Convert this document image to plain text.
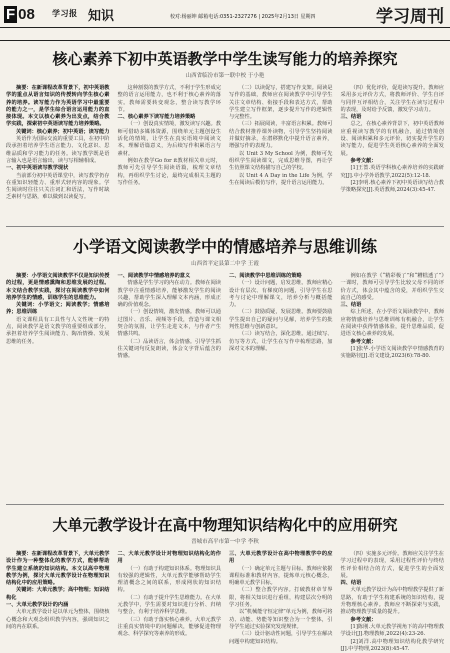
F 08 学习报 知识	校对:杨丽坤 邮箱电话:0351-2327276 | 2025年2月13日 星期四	学习周刊
核心素养下初中英语教学中学生读写能力的培养探究
山西省临汾市第一联中校 于小艳

摘要：在新课程改革背景下，初中英语教学的重点从语言知识的传授转向学生核心素养的培养。读写能力作为英语学习中最重要的能力之一，是学生综合语言运用能力的直接体现。本文以核心素养为出发点，结合教学实践，探索初中英语读写能力培养策略。

关键词：核心素养；初中英语；读写能力

英语作为国际交流的重要工具，在初中阶段承担着培养学生语言能力、文化意识、思维品质和学习能力的任务。读写教学既是语言输入也是语言输出，读与写相辅相成。

一、初中英语读写教学现状

当前部分初中英语课堂中，读写教学仍存在重知识轻能力、重形式轻内容的现象。学生阅读时往往只关注词汇和语法，写作时缺乏素材与思路，难以做到以读促写。

这种割裂的教学方式，不利于学生形成完整的语言运用能力，也不利于核心素养的落实。教师需要转变观念，整合读写教学环节。

二、核心素养下读写能力培养策略

（一）创设真实情境，激发读写兴趣。教师可借助多媒体资源，围绕单元主题创设生活化的情境，让学生在真实语境中阅读文本，理解语篇意义，为后续写作积累语言与素材。

例如在教学Go for it教材相关单元时，教师可先引导学生阅读语篇，梳理文章结构，再组织学生讨论，最终完成相关主题的写作任务。

（二）以读促写，搭建写作支架。阅读是写作的基础，教师应在阅读教学中引导学生关注文章结构、衔接手段和表达方式，帮助学生建立写作框架，逐步提升写作的逻辑性与完整性。

（三）拓展阅读，丰富语言积累。教师可结合教材推荐课外读物，引导学生坚持阅读并做好摘录，在潜移默化中提升语言素养，增强写作的表现力。

以 Unit 3 My School 为例，教师可先组织学生阅读课文，完成思维导图，再让学生仿照课文结构描写自己的学校。

以 Unit 4 A Day in the Life 为例，学生在阅读后模仿写作，提升语言运用能力。

（四）优化评价，促进读写提升。教师应采用多元评价方式，将教师评价、学生自评与同伴互评相结合，关注学生在读写过程中的表现，及时给予反馈，激发学习动力。

三、结语

总之，在核心素养背景下，初中英语教师应重视读写教学的有机融合，通过情境创设、阅读积累和多元评价，切实提升学生的读写能力，促进学生英语核心素养的全面发展。

参考文献：

[1]王蔷.英语学科核心素养培养的实践研究[J].中小学外语教学,2022(5):12-18.

[2]李明.核心素养下初中英语读写结合教学策略探究[J].英语教师,2024(3):45-47.

小学语文阅读教学中的情感培养与思维训练
山西省平定县第二中学 王霞

摘要：小学语文阅读教学不仅是知识传授的过程，更是情感熏陶和思维发展的过程。本文结合教学实践，探讨在阅读教学中如何培养学生的情感，训练学生的思维能力。

关键词：小学语文；阅读教学；情感培养；思维训练

语文课程具有工具性与人文性统一的特点，阅读教学是语文教学的重要组成部分，承担着培养学生阅读能力、陶冶情操、发展思维的任务。

一、阅读教学中情感培养的意义

情感是学生学习的内在动力。教师在阅读教学中注重情感培养，能够激发学生的阅读兴趣，帮助学生深入理解文本内涵，形成正确的价值观念。

（一）创设情境，激发情感。教师可以通过图片、音乐、视频等手段，营造与课文相契合的氛围，让学生走进文本，与作者产生情感共鸣。

（二）品读语言，体会情感。引导学生抓住关键词句反复朗读，体会文字背后蕴含的情感。

二、阅读教学中思维训练的策略

（一）设计问题，启发思维。教师应精心设计有层次、有梯度的问题，引导学生在思考与讨论中理解课文，培养分析与概括能力。

（二）鼓励质疑，发展思维。教师要鼓励学生提出自己的疑问与见解，培养学生的批判性思维与创新意识。

（三）读写结合，深化思维。通过续写、仿写等方式，让学生在写作中梳理思路，加深对文本的理解。

例如在教学《“精彩极了”和“糟糕透了”》一课时，教师可引导学生比较父母不同的评价方式，体会其中蕴含的爱，并组织学生交流自己的感受。

三、结语

综上所述，在小学语文阅读教学中，教师应将情感培养与思维训练有机融合，让学生在阅读中获得情感体验，提升思维品质，促进语文核心素养的发展。

参考文献：

[1]张华.小学语文阅读教学中情感教育的实施路径[J].语文建设,2023(6):78-80.

大单元教学设计在高中物理知识结构化中的应用研究
晋城市高平市第一中学 李秋

摘要：在新课程改革背景下，大单元教学设计作为一种整体化的教学方式，能够帮助学生建立系统的知识结构。本文以高中物理教学为例，探讨大单元教学设计在物理知识结构化中的应用策略。

关键词：大单元教学；高中物理；知识结构化

一、大单元教学设计的内涵

大单元教学设计是以单元为整体，围绕核心概念和大观念组织教学内容，强调知识之间的内在联系。

二、大单元教学设计对物理知识结构化的作用

（一）有助于构建知识体系。物理知识具有较强的逻辑性，大单元教学能够帮助学生理清概念之间的联系，形成网状的知识结构。

（二）有助于提升学生思维能力。在大单元教学中，学生需要对知识进行分析、归纳与整合，有利于培养科学思维。

（三）有助于落实核心素养。大单元教学注重真实情境中的问题解决，能够促进物理观念、科学探究等素养的形成。

三、大单元教学设计在高中物理教学中的应用

（一）确定单元主题与目标。教师应依据课程标准和教材内容，提炼单元核心概念，明确单元教学目标。

（二）整合教学内容。打破教材章节界限，将相关知识进行重组，构建层次分明的学习任务。

以“机械能守恒定律”单元为例，教师可将功、动能、势能等知识整合为一个整体，引导学生通过实验探究发现规律。

（三）设计驱动性问题，引导学生在解决问题中构建知识结构。

（四）实施多元评价。教师应关注学生在学习过程中的表现，采用过程性评价与终结性评价相结合的方式，促进学生的全面发展。

四、结语

大单元教学设计为高中物理教学提供了新思路，有助于学生构建系统的知识结构，提升物理核心素养。教师应不断探索与实践，推动物理教学质量的提升。

参考文献：

[1]陈刚.大单元教学视角下的高中物理教学设计[J].物理教师,2022(4):23-26.

[2]刘洋.高中物理知识结构化教学研究[J].中学物理,2023(8):45-47.
